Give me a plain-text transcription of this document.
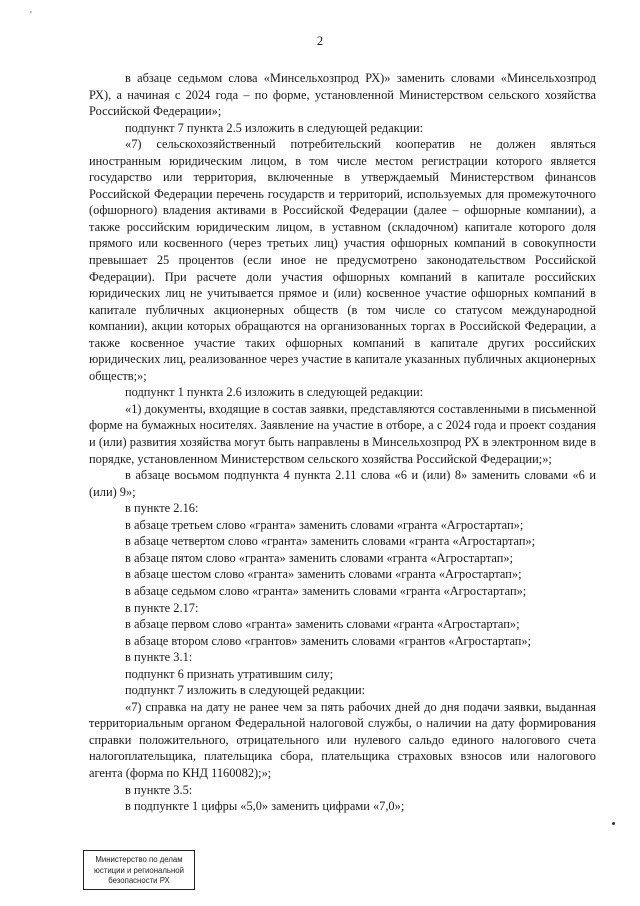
'
2

в абзаце седьмом слова «Минсельхозпрод РХ)» заменить словами «Минсельхозпрод РХ), а начиная с 2024 года – по форме, установленной Министерством сельского хозяйства Российской Федерации»;

подпункт 7 пункта 2.5 изложить в следующей редакции:

«7) сельскохозяйственный потребительский кооператив не должен являться иностранным юридическим лицом, в том числе местом регистрации которого является государство или территория, включенные в утверждаемый Министерством финансов Российской Федерации перечень государств и территорий, используемых для промежуточного (офшорного) владения активами в Российской Федерации (далее – офшорные компании), а также российским юридическим лицом, в уставном (складочном) капитале которого доля прямого или косвенного (через третьих лиц) участия офшорных компаний в совокупности превышает 25 процентов (если иное не предусмотрено законодательством Российской Федерации). При расчете доли участия офшорных компаний в капитале российских юридических лиц не учитывается прямое и (или) косвенное участие офшорных компаний в капитале публичных акционерных обществ (в том числе со статусом международной компании), акции которых обращаются на организованных торгах в Российской Федерации, а также косвенное участие таких офшорных компаний в капитале других российских юридических лиц, реализованное через участие в капитале указанных публичных акционерных обществ;»;

подпункт 1 пункта 2.6 изложить в следующей редакции:

«1) документы, входящие в состав заявки, представляются составленными в письменной форме на бумажных носителях. Заявление на участие в отборе, а с 2024 года и проект создания и (или) развития хозяйства могут быть направлены в Минсельхозпрод РХ в электронном виде в порядке, установленном Министерством сельского хозяйства Российской Федерации;»;

в абзаце восьмом подпункта 4 пункта 2.11 слова «6 и (или) 8» заменить словами «6 и (или) 9»;

в пункте 2.16:

в абзаце третьем слово «гранта» заменить словами «гранта «Агростартап»;

в абзаце четвертом слово «гранта» заменить словами «гранта «Агростартап»;

в абзаце пятом слово «гранта» заменить словами «гранта «Агростартап»;

в абзаце шестом слово «гранта» заменить словами «гранта «Агростартап»;

в абзаце седьмом слово «гранта» заменить словами «гранта «Агростартап»;

в пункте 2.17:

в абзаце первом слово «гранта» заменить словами «гранта «Агростартап»;

в абзаце втором слово «грантов» заменить словами «грантов «Агростартап»;

в пункте 3.1:

подпункт 6 признать утратившим силу;

подпункт 7 изложить в следующей редакции:

«7) справка на дату не ранее чем за пять рабочих дней до дня подачи заявки, выданная территориальным органом Федеральной налоговой службы, о наличии на дату формирования справки положительного, отрицательного или нулевого сальдо единого налогового счета налогоплательщика, плательщика сбора, плательщика страховых взносов или налогового агента (форма по КНД 1160082);»;

в пункте 3.5:

в подпункте 1 цифры «5,0» заменить цифрами «7,0»;

Министерство по делам
юстиции и региональной
безопасности РХ
